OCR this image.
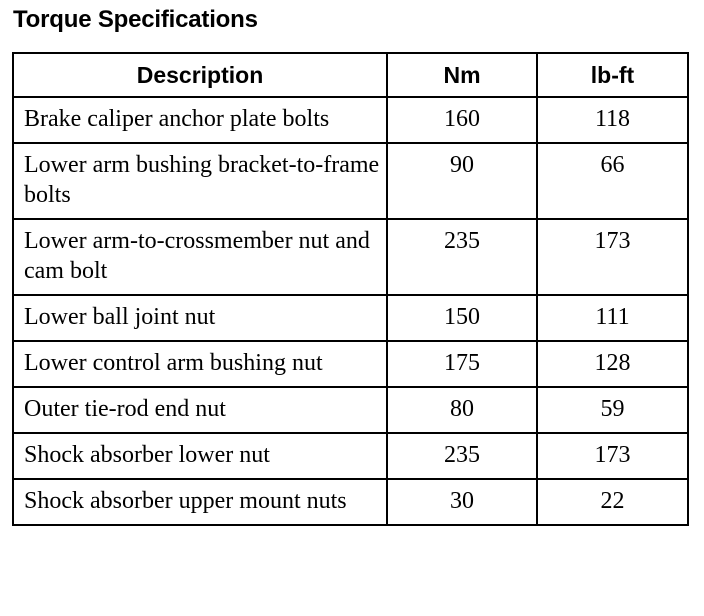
Torque Specifications
Description	Nm	lb-ft
Brake caliper anchor plate bolts	160	118
Lower arm bushing bracket-to-frame bolts	90	66
Lower arm-to-crossmember nut and cam bolt	235	173
Lower ball joint nut	150	111
Lower control arm bushing nut	175	128
Outer tie-rod end nut	80	59
Shock absorber lower nut	235	173
Shock absorber upper mount nuts	30	22
